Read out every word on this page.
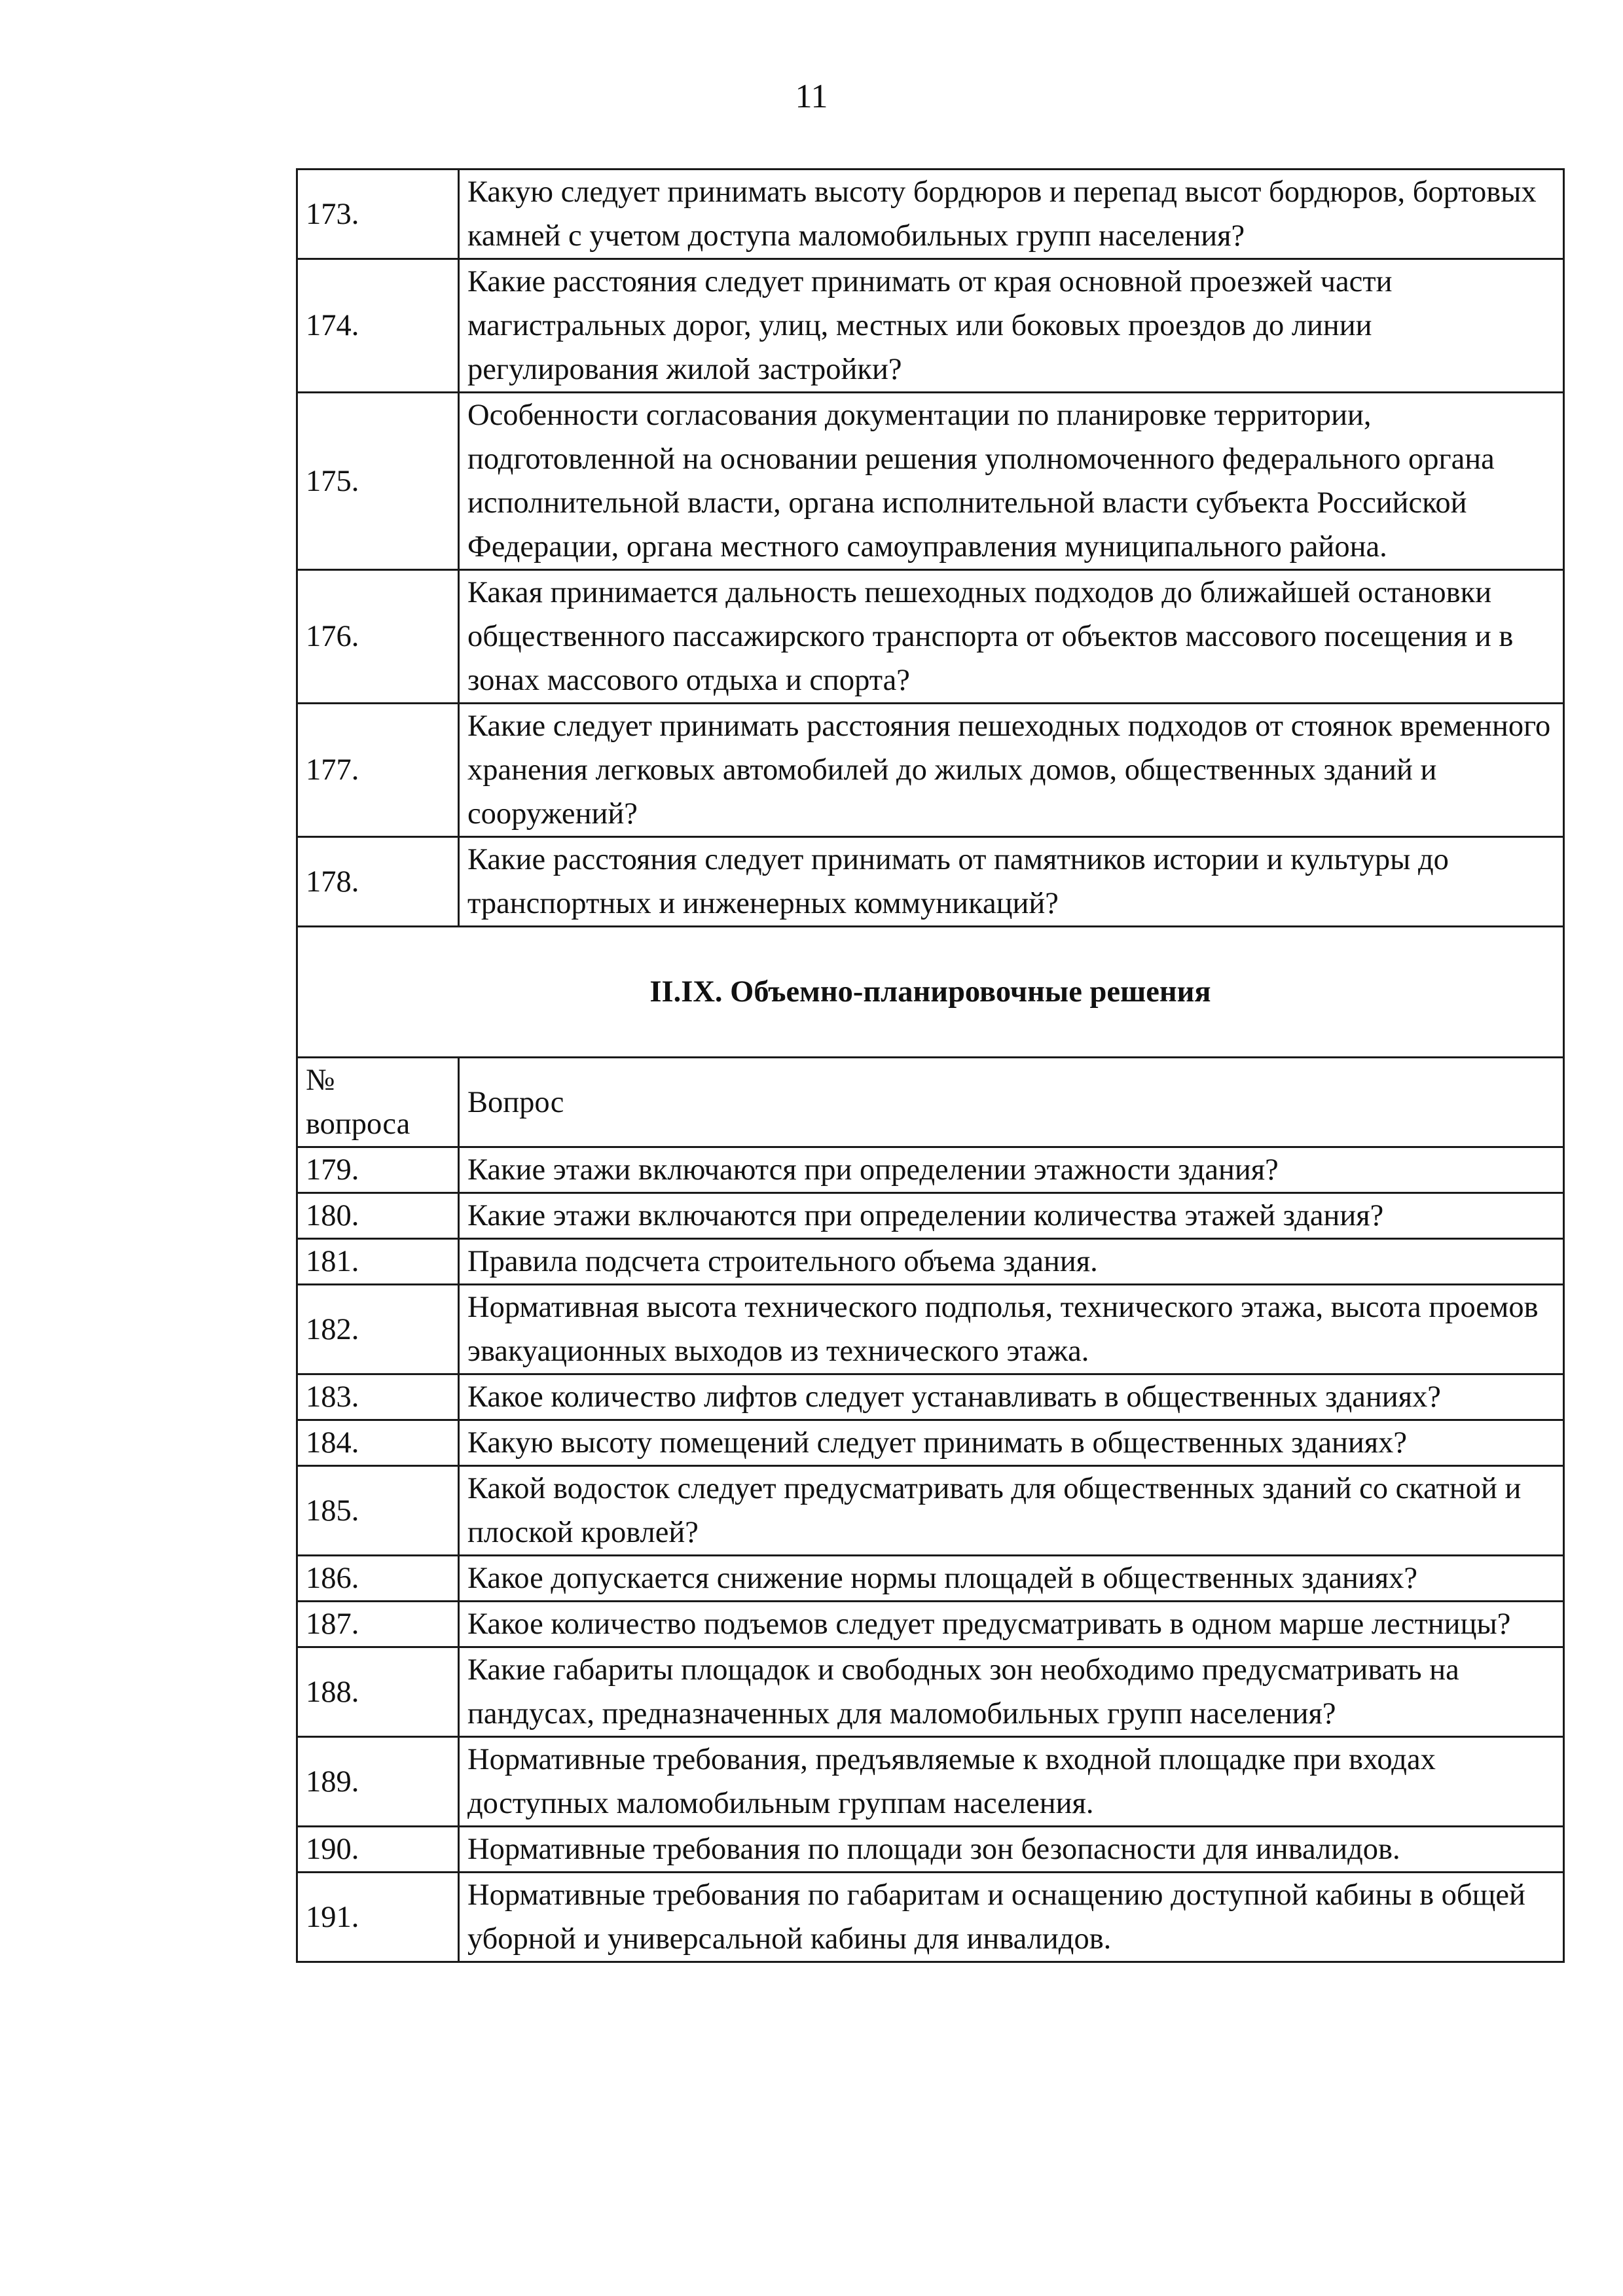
11
173.	Какую следует принимать высоту бордюров и перепад высот бордюров, бортовых камней с учетом доступа маломобильных групп населения?
174.	Какие расстояния следует принимать от края основной проезжей части магистральных дорог, улиц, местных или боковых проездов до линии регулирования жилой застройки?
175.	Особенности согласования документации по планировке территории, подготовленной на основании решения уполномоченного федерального органа исполнительной власти, органа исполнительной власти субъекта Российской Федерации, органа местного самоуправления муниципального района.
176.	Какая принимается дальность пешеходных подходов до ближайшей остановки общественного пассажирского транспорта от объектов массового посещения и в зонах массового отдыха и спорта?
177.	Какие следует принимать расстояния пешеходных подходов от стоянок временного хранения легковых автомобилей до жилых домов, общественных зданий и сооружений?
178.	Какие расстояния следует принимать от памятников истории и культуры до транспортных и инженерных коммуникаций?
II.IX. Объемно-планировочные решения	

№
вопроса	Вопрос
179.	Какие этажи включаются при определении этажности здания?
180.	Какие этажи включаются при определении количества этажей здания?
181.	Правила подсчета строительного объема здания.
182.	Нормативная высота технического подполья, технического этажа, высота проемов эвакуационных выходов из технического этажа.
183.	Какое количество лифтов следует устанавливать в общественных зданиях?
184.	Какую высоту помещений следует принимать в общественных зданиях?
185.	Какой водосток следует предусматривать для общественных зданий со скатной и плоской кровлей?
186.	Какое допускается снижение нормы площадей в общественных зданиях?
187.	Какое количество подъемов следует предусматривать в одном марше лестницы?
188.	Какие габариты площадок и свободных зон необходимо предусматривать на пандусах, предназначенных для маломобильных групп населения?
189.	Нормативные требования, предъявляемые к входной площадке при входах доступных маломобильным группам населения.
190.	Нормативные требования по площади зон безопасности для инвалидов.
191.	Нормативные требования по габаритам и оснащению доступной кабины в общей уборной и универсальной кабины для инвалидов.
